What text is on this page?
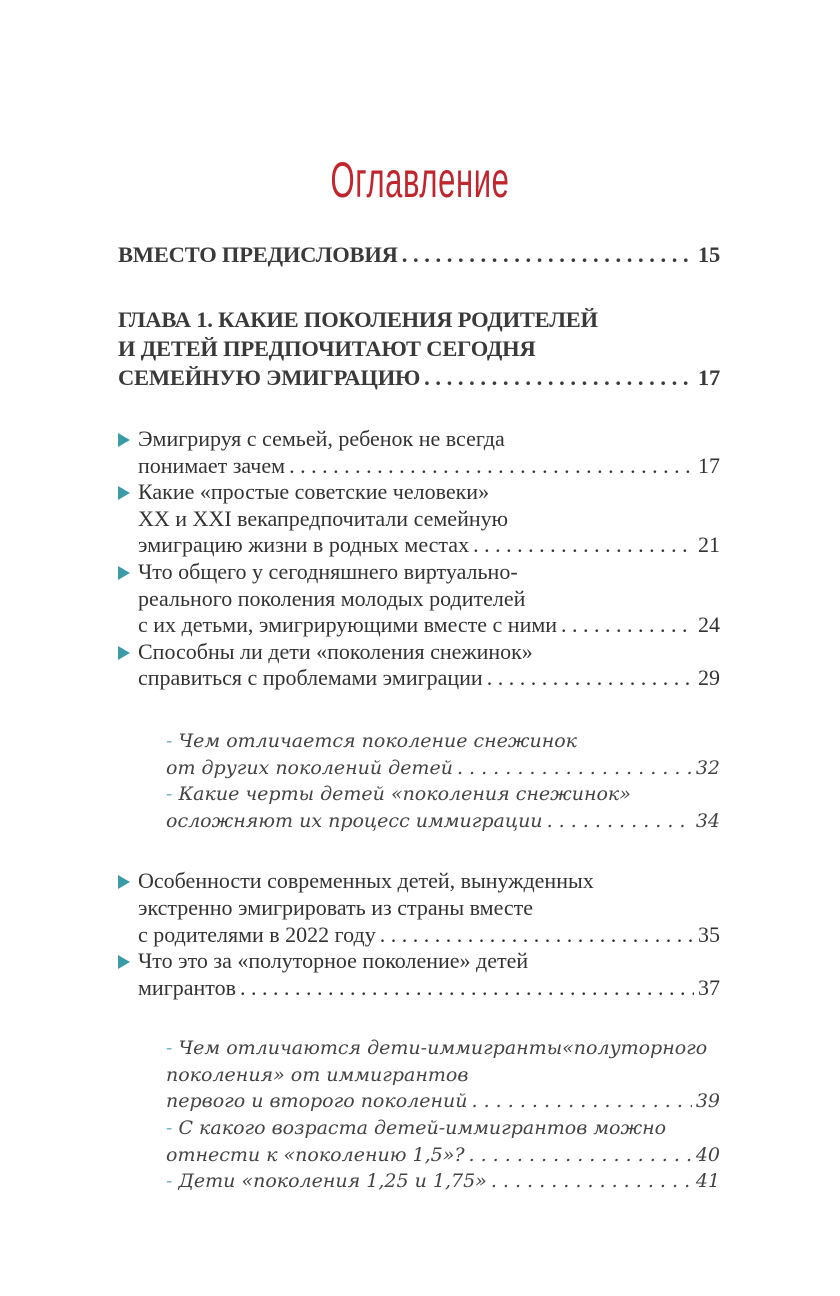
Оглавление
ВМЕСТО ПРЕДИСЛОВИЯ . . .	15
ГЛАВА 1. КАКИЕ ПОКОЛЕНИЯ РОДИТЕЛЕЙ
И ДЕТЕЙ ПРЕДПОЧИТАЮТ СЕГОДНЯ
СЕМЕЙНУЮ ЭМИГРАЦИЮ . . .	17
Эмигрируя с семьей, ребенок не всегда
понимает зачем . . .	17
Какие «простые советские человеки»
XX и XXI векапредпочитали семейную
эмиграцию жизни в родных местах . . .	21
Что общего у сегодняшнего виртуально-
реального поколения молодых родителей
с их детьми, эмигрирующими вместе с ними . . .	24
Способны ли дети «поколения снежинок»
справиться с проблемами эмиграции . . .	29
- Чем отличается поколение снежинок
от других поколений детей . . .	32
- Какие черты детей «поколения снежинок»
осложняют их процесс иммиграции . . .	34
Особенности современных детей, вынужденных
экстренно эмигрировать из страны вместе
с родителями в 2022 году . . .	35
Что это за «полуторное поколение» детей
мигрантов . . .	37
- Чем отличаются дети-иммигранты«полуторного
поколения» от иммигрантов
первого и второго поколений . . .	39
- С какого возраста детей-иммигрантов можно
отнести к «поколению 1,5»? . . .	40
- Дети «поколения 1,25 и 1,75» . . .	41
